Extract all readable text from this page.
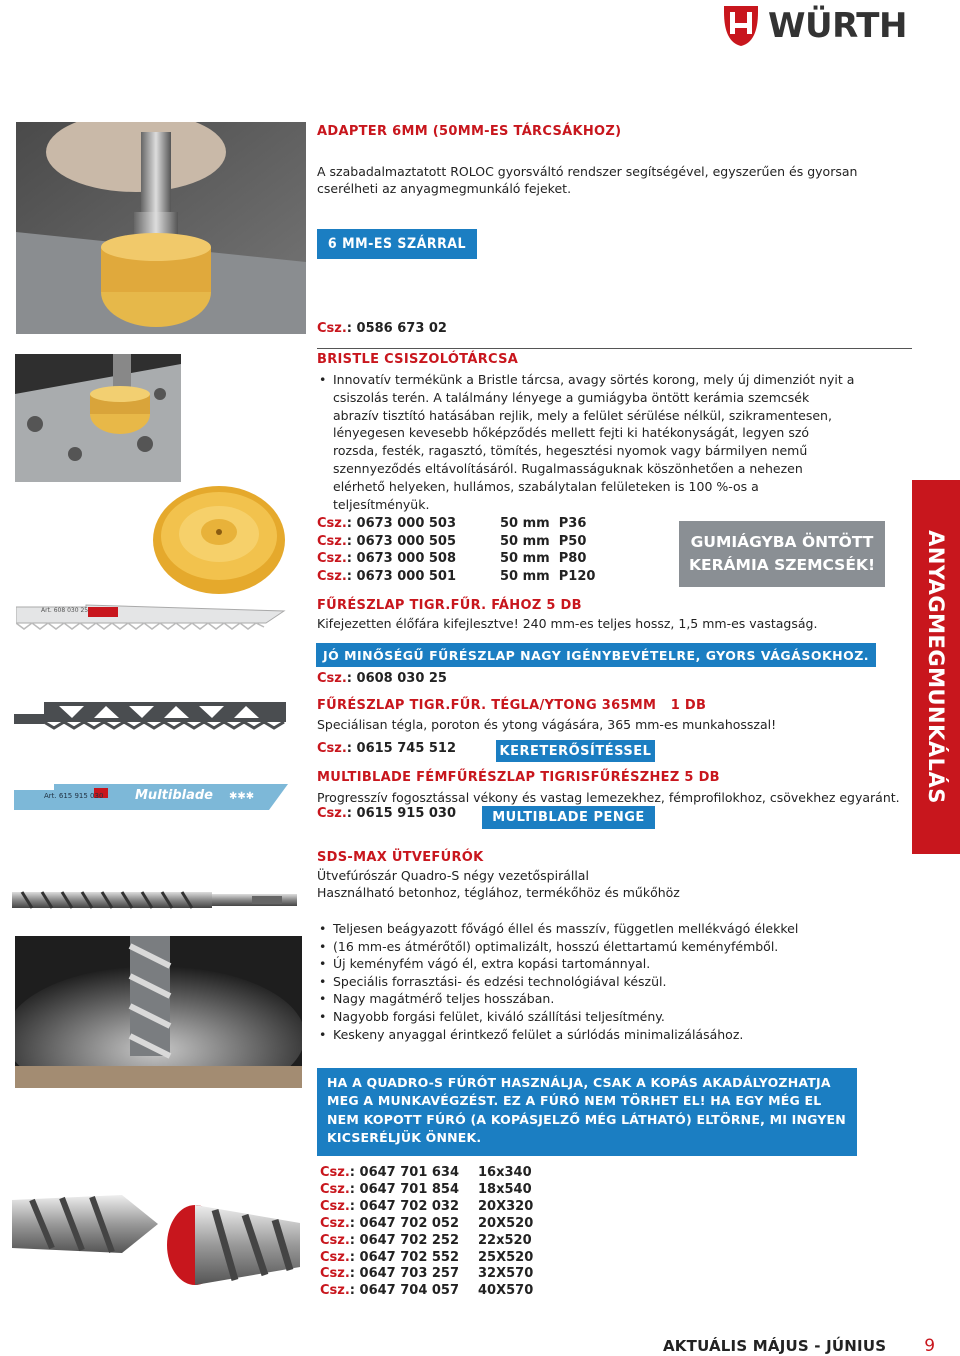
WÜRTH
ADAPTER 6MM (50MM-ES TÁRCSÁKHOZ)
A szabadalmaztatott ROLOC gyorsváltó rendszer segítségével, egyszerűen és gyorsan cserélheti az anyagmegmunkáló fejeket.
6 MM-ES SZÁRRAL
Csz.: 0586 673 02
BRISTLE CSISZOLÓTÁRCSA
• Innovatív termékünk a Bristle tárcsa, avagy sörtés korong, mely új dimenziót nyit a csiszolás terén. A találmány lényege a gumiágyba öntött kerámia szemcsék abrazív tisztító hatásában rejlik, mely a felület sérülése nélkül, szikramentesen, lényegesen kevesebb hőképződés mellett fejti ki hatékonyságát, legyen szó rozsda, festék, ragasztó, tömítés, hegesztési nyomok vagy bármilyen nemű szennyeződés eltávolításáról. Rugalmasságuknak köszönhetően a nehezen elérhető helyeken, hullámos, szabálytalan felületeken is 100 %-os a teljesítményük.
Csz.: 0673 000 503	50 mm  P36
Csz.: 0673 000 505	50 mm  P50
Csz.: 0673 000 508	50 mm  P80
Csz.: 0673 000 501	50 mm  P120
GUMIÁGYBA ÖNTÖTT
KERÁMIA SZEMCSÉK!
Art. 608 030 25
Art. 615 915 030 Multiblade ✱✱✱
FŰRÉSZLAP TIGR.FŰR. FÁHOZ 5 DB
Kifejezetten élőfára kifejlesztve! 240 mm-es teljes hossz, 1,5 mm-es vastagság.
JÓ MINŐSÉGŰ FŰRÉSZLAP NAGY IGÉNYBEVÉTELRE, GYORS VÁGÁSOKHOZ.
Csz.: 0608 030 25
FŰRÉSZLAP TIGR.FŰR. TÉGLA/YTONG 365MM   1 DB
Speciálisan tégla, poroton és ytong vágására, 365 mm-es munkahosszal!
Csz.: 0615 745 512	KERETERŐSÍTÉSSEL
MULTIBLADE FÉMFŰRÉSZLAP TIGRISFŰRÉSZHEZ 5 DB
Progresszív fogosztással vékony és vastag lemezekhez, fémprofilokhoz, csövekhez egyaránt.
Csz.: 0615 915 030	MULTIBLADE PENGE
ANYAGMEGMUNKÁLÁS
SDS-MAX ÜTVEFÚRÓK
Ütvefúrószár Quadro-S négy vezetőspirállal
Használható betonhoz, téglához, termékőhöz és műkőhöz
• Teljesen beágyazott fővágó éllel és masszív, független mellékvágó élekkel
• (16 mm-es átmérőtől) optimalizált, hosszú élettartamú keményfémből.
• Új keményfém vágó él, extra kopási tartománnyal.
• Speciális forrasztási- és edzési technológiával készül.
• Nagy magátmérő teljes hosszában.
• Nagyobb forgási felület, kiváló szállítási teljesítmény.
• Keskeny anyaggal érintkező felület a súrlódás minimalizálásához.
HA A QUADRO-S FÚRÓT HASZNÁLJA, CSAK A KOPÁS AKADÁLYOZHATJA MEG A MUNKAVÉGZÉST. EZ A FÚRÓ NEM TÖRHET EL! HA EGY MÉG EL NEM KOPOTT FÚRÓ (A KOPÁSJELZŐ MÉG LÁTHATÓ) ELTÖRNE, MI INGYEN KICSERÉLJÜK ÖNNEK.
Csz.: 0647 701 634	16x340
Csz.: 0647 701 854	18x540
Csz.: 0647 702 032	20X320
Csz.: 0647 702 052	20X520
Csz.: 0647 702 252	22x520
Csz.: 0647 702 552	25X520
Csz.: 0647 703 257	32X570
Csz.: 0647 704 057	40X570
AKTUÁLIS MÁJUS - JÚNIUS 9
